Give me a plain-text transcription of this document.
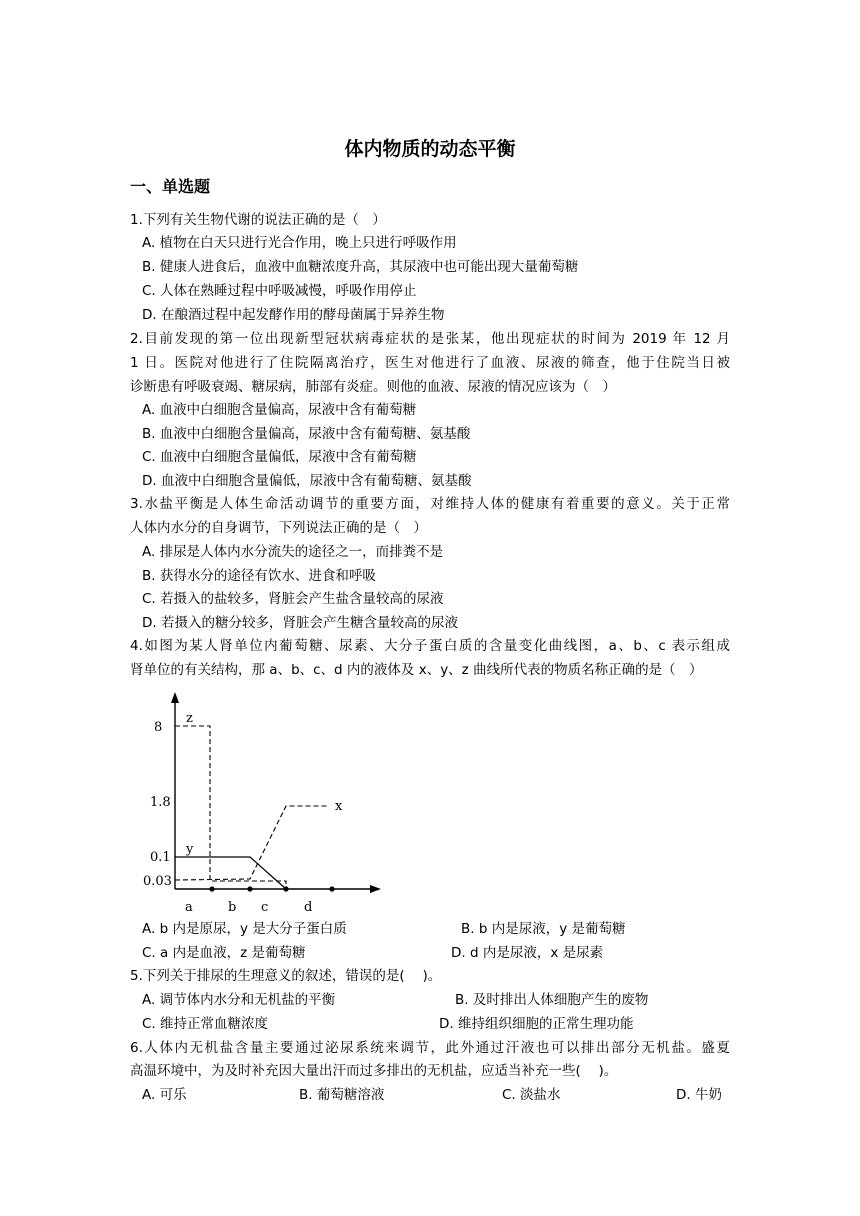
体内物质的动态平衡
一、单选题
1.下列有关生物代谢的说法正确的是（　）
A. 植物在白天只进行光合作用，晚上只进行呼吸作用
B. 健康人进食后，血液中血糖浓度升高，其尿液中也可能出现大量葡萄糖
C. 人体在熟睡过程中呼吸减慢，呼吸作用停止
D. 在酿酒过程中起发酵作用的酵母菌属于异养生物
2.目前发现的第一位出现新型冠状病毒症状的是张某，他出现症状的时间为 2019 年 12 月
1 日。医院对他进行了住院隔离治疗，医生对他进行了血液、尿液的筛查，他于住院当日被
诊断患有呼吸衰竭、糖尿病，肺部有炎症。则他的血液、尿液的情况应该为（　）
A. 血液中白细胞含量偏高，尿液中含有葡萄糖
B. 血液中白细胞含量偏高，尿液中含有葡萄糖、氨基酸
C. 血液中白细胞含量偏低，尿液中含有葡萄糖
D. 血液中白细胞含量偏低，尿液中含有葡萄糖、氨基酸
3.水盐平衡是人体生命活动调节的重要方面，对维持人体的健康有着重要的意义。关于正常
人体内水分的自身调节，下列说法正确的是（　）
A. 排尿是人体内水分流失的途径之一，而排粪不是
B. 获得水分的途径有饮水、进食和呼吸
C. 若摄入的盐较多，肾脏会产生盐含量较高的尿液
D. 若摄入的糖分较多，肾脏会产生糖含量较高的尿液
4.如图为某人肾单位内葡萄糖、尿素、大分子蛋白质的含量变化曲线图，a、b、c 表示组成
肾单位的有关结构，那 a、b、c、d 内的液体及 x、y、z 曲线所代表的物质名称正确的是（　）
8
1.8
0.1
0.03
a	b c	d
z
x
y
A. b 内是原尿，y 是大分子蛋白质	B. b 内是尿液，y 是葡萄糖
C. a 内是血液，z 是葡萄糖	D. d 内是尿液，x 是尿素
5.下列关于排尿的生理意义的叙述，错误的是(　 )。
A. 调节体内水分和无机盐的平衡	B. 及时排出人体细胞产生的废物
C. 维持正常血糖浓度	D. 维持组织细胞的正常生理功能
6.人体内无机盐含量主要通过泌尿系统来调节，此外通过汗液也可以排出部分无机盐。盛夏
高温环境中，为及时补充因大量出汗而过多排出的无机盐，应适当补充一些(　 )。
A. 可乐	B. 葡萄糖溶液	C. 淡盐水	D. 牛奶
